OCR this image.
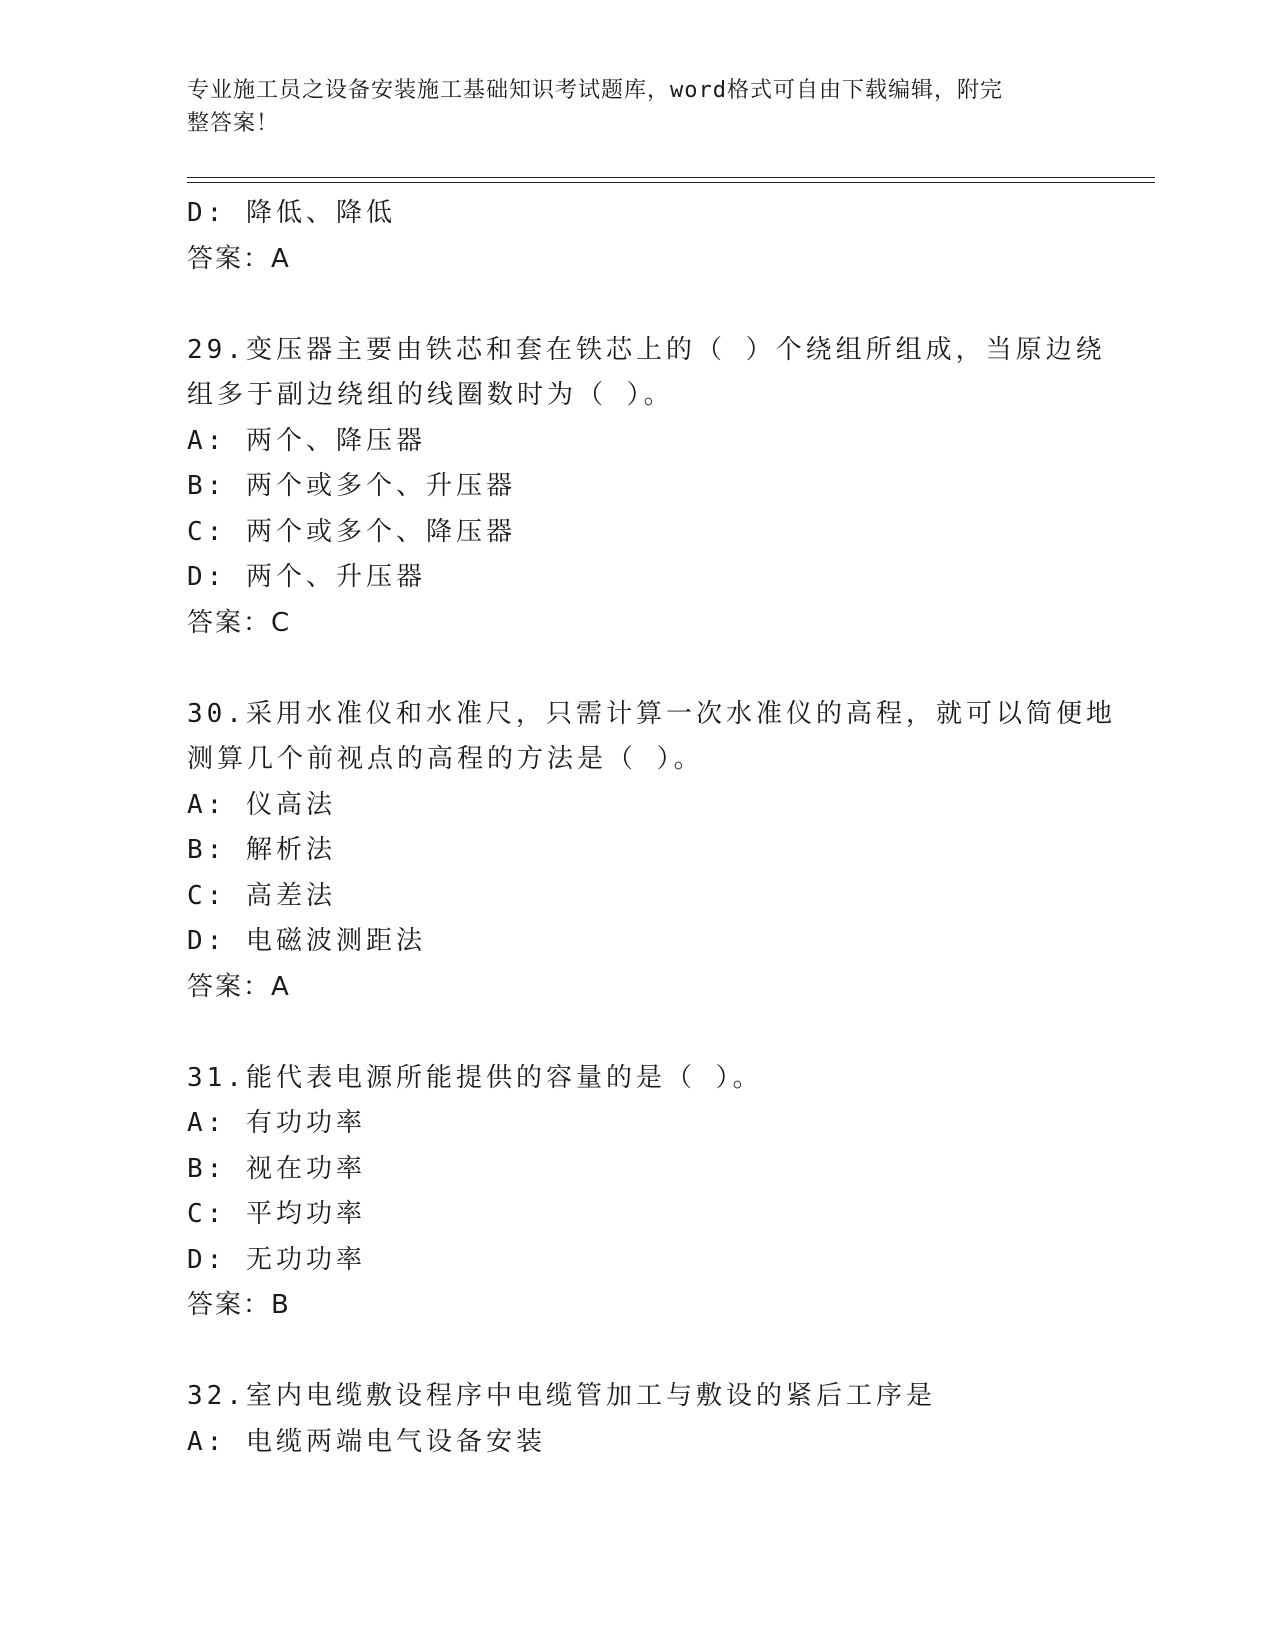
专业施工员之设备安装施工基础知识考试题库，word格式可自由下载编辑，附完
整答案！
D: 降低、降低
答案：A
29.变压器主要由铁芯和套在铁芯上的（ ）个绕组所组成，当原边绕
组多于副边绕组的线圈数时为（ ）。
A: 两个、降压器
B: 两个或多个、升压器
C: 两个或多个、降压器
D: 两个、升压器
答案：C
30.采用水准仪和水准尺，只需计算一次水准仪的高程，就可以简便地
测算几个前视点的高程的方法是（ ）。
A: 仪高法
B: 解析法
C: 高差法
D: 电磁波测距法
答案：A
31.能代表电源所能提供的容量的是（ ）。
A: 有功功率
B: 视在功率
C: 平均功率
D: 无功功率
答案：B
32.室内电缆敷设程序中电缆管加工与敷设的紧后工序是
A: 电缆两端电气设备安装
